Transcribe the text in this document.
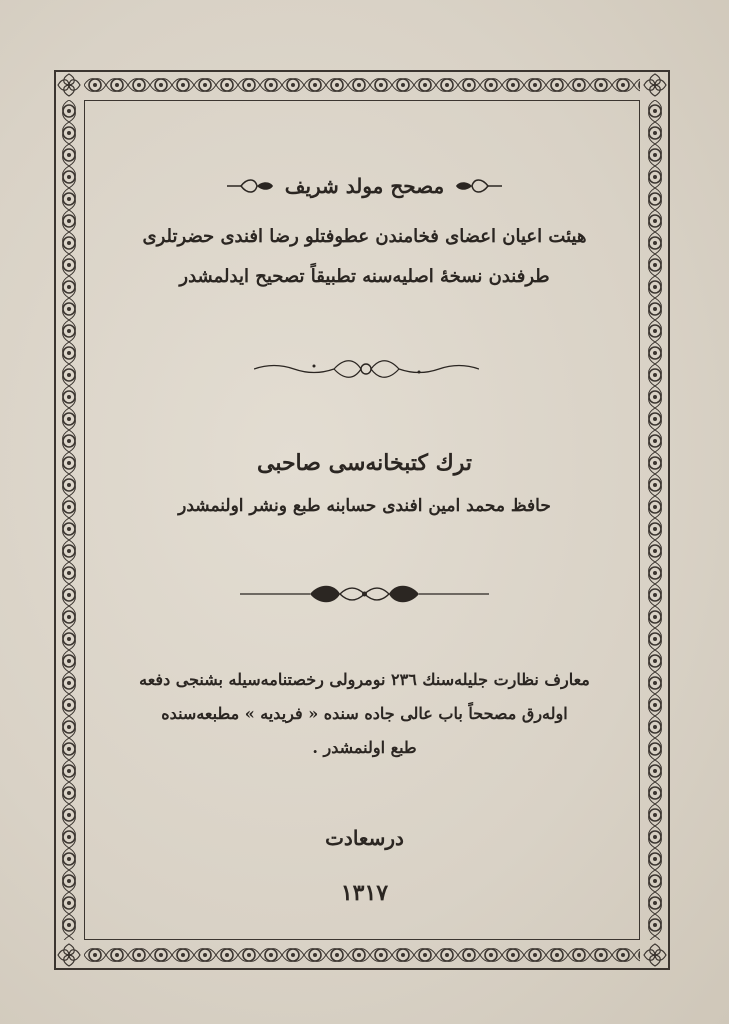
مصحح مولد شريف
هيئت اعيان اعضاى فخامندن عطوفتلو رضا افندى حضرتلرى
طرفندن نسخۀ اصليه‌سنه تطبيقاً تصحيح ايدلمشدر
ترك كتبخانه‌سى صاحبى
حافظ محمد امين افندى حسابنه طبع ونشر اولنمشدر
معارف نظارت جليله‌سنك ٢٣٦ نومرولى رخصتنامه‌سيله بشنجى دفعه
اوله‌رق مصححاً باب عالى جاده سنده « فريديه » مطبعه‌سنده
طبع اولنمشدر .
درسعادت
١٣١٧
